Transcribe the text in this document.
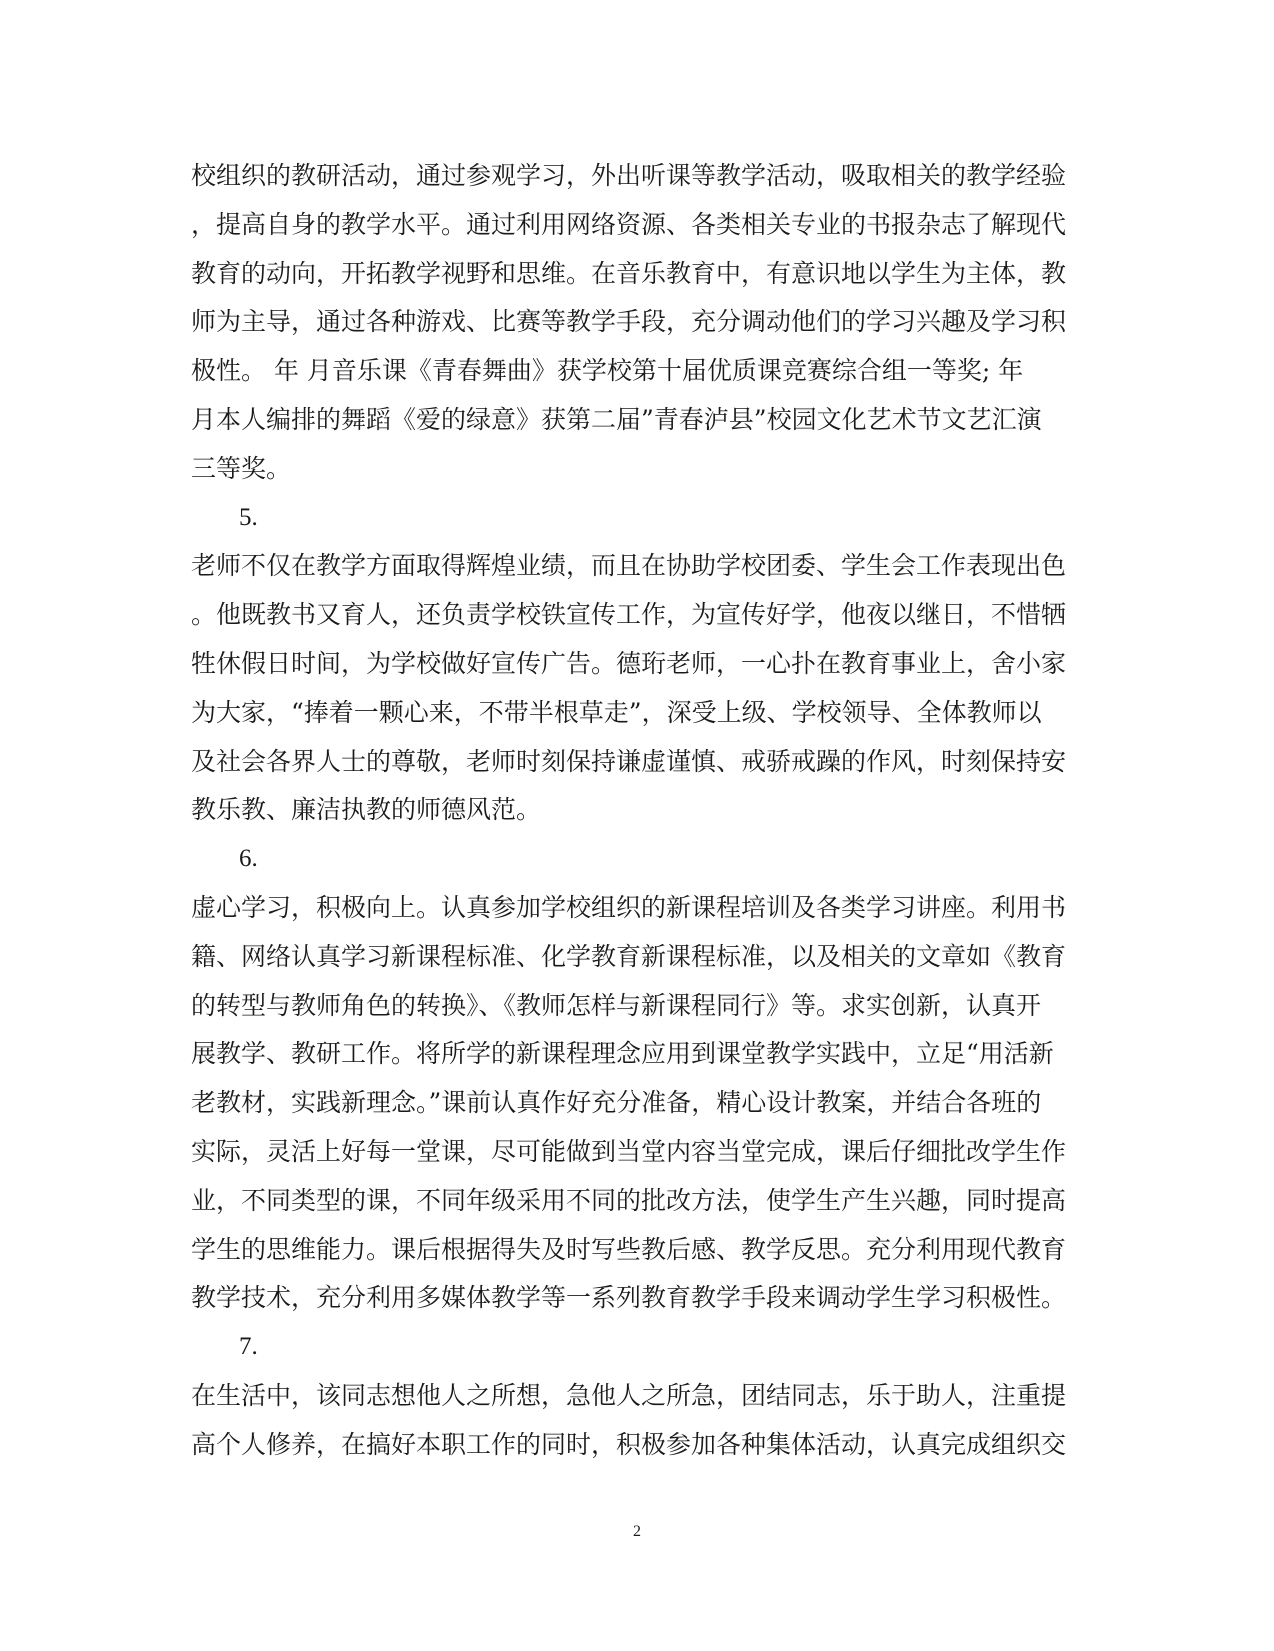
校组织的教研活动，通过参观学习，外出听课等教学活动，吸取相关的教学经验
，提高自身的教学水平。通过利用网络资源、各类相关专业的书报杂志了解现代
教育的动向，开拓教学视野和思维。在音乐教育中，有意识地以学生为主体，教
师为主导，通过各种游戏、比赛等教学手段，充分调动他们的学习兴趣及学习积
极性。 年 月音乐课《青春舞曲》获学校第十届优质课竞赛综合组一等奖; 年
月本人编排的舞蹈《爱的绿意》获第二届”青春泸县”校园文化艺术节文艺汇演
三等奖。
5.
老师不仅在教学方面取得辉煌业绩，而且在协助学校团委、学生会工作表现出色
。他既教书又育人，还负责学校铁宣传工作，为宣传好学，他夜以继日，不惜牺
牲休假日时间，为学校做好宣传广告。德珩老师，一心扑在教育事业上，舍小家
为大家，“捧着一颗心来，不带半根草走”，深受上级、学校领导、全体教师以
及社会各界人士的尊敬，老师时刻保持谦虚谨慎、戒骄戒躁的作风，时刻保持安
教乐教、廉洁执教的师德风范。
6.
虚心学习，积极向上。认真参加学校组织的新课程培训及各类学习讲座。利用书
籍、网络认真学习新课程标准、化学教育新课程标准，以及相关的文章如《教育
的转型与教师角色的转换》、《教师怎样与新课程同行》等。求实创新，认真开
展教学、教研工作。将所学的新课程理念应用到课堂教学实践中，立足“用活新
老教材，实践新理念。”课前认真作好充分准备，精心设计教案，并结合各班的
实际，灵活上好每一堂课，尽可能做到当堂内容当堂完成，课后仔细批改学生作
业，不同类型的课，不同年级采用不同的批改方法，使学生产生兴趣，同时提高
学生的思维能力。课后根据得失及时写些教后感、教学反思。充分利用现代教育
教学技术，充分利用多媒体教学等一系列教育教学手段来调动学生学习积极性。
7.
在生活中，该同志想他人之所想，急他人之所急，团结同志，乐于助人，注重提
高个人修养，在搞好本职工作的同时，积极参加各种集体活动，认真完成组织交
2
